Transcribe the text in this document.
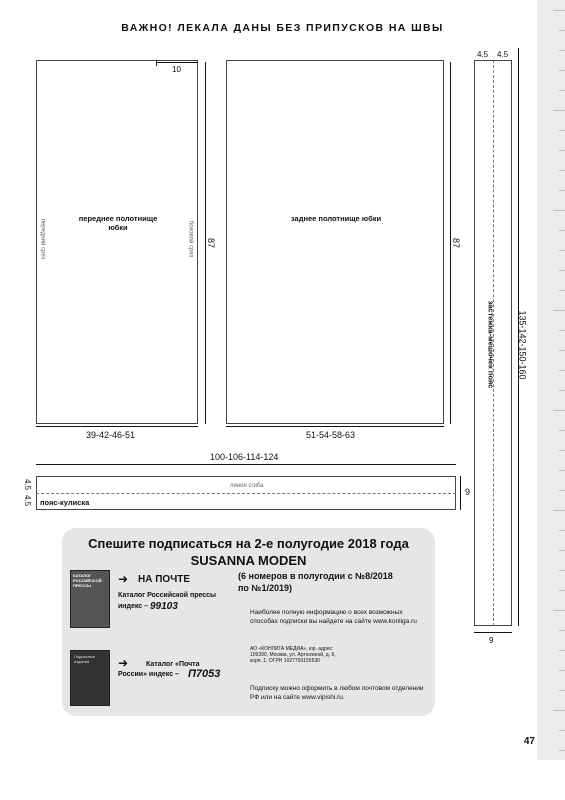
ВАЖНО! ЛЕКАЛА ДАНЫ БЕЗ ПРИПУСКОВ НА ШВЫ
10
переднее полотнище юбки
передний срез	боковой срез 87
39-42-46-51
заднее полотнище юбки
87
51-54-58-63
4.5 4.5
застежка-мешочек пояс 135-142-150-160
9
100-106-114-124
линия сгиба
пояс-кулиска
4.5
4.5
9
Спешите подписаться на 2-е полугодие 2018 года
SUSANNA MODEN
КАТАЛОГ РОССИЙСКОЙ ПРЕССЫ	➜ НА ПОЧТЕ
Каталог Российской прессы
индекс – 99103
Подписные издания	➜	Каталог «Почта России» индекс – П7053
(6 номеров в полугодии с №8/2018 по №1/2019)
Наиболее полную информацию о всех возможных способах подписки вы найдете на сайте www.konliga.ru
АО «КОНЛИГА МЕДИА», юр. адрес: 109390, Москва, ул. Артюхиной, д. 6, корп. 1; ОГРН 1027700155530
Подписку можно оформить в любом почтовом отделении РФ или на сайте www.vipishi.ru.
47
